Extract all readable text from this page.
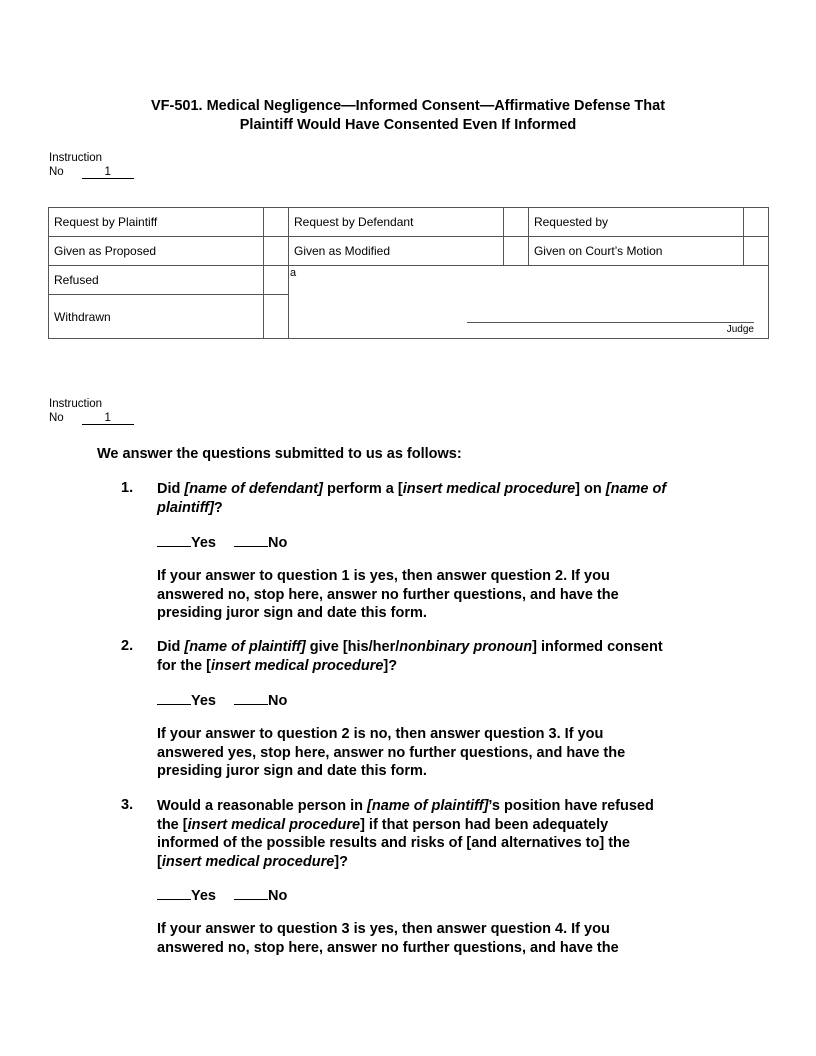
VF-501. Medical Negligence—Informed Consent—Affirmative Defense That
Plaintiff Would Have Consented Even If Informed
Instruction
No	1
Request by Plaintiff		Request by Defendant		Requested by	
Given as Proposed		Given as Modified		Given on Court’s Motion	
Refused		a
Judge			

Withdrawn					
Instruction
No	1
We answer the questions submitted to us as follows:
1. Did [name of defendant] perform a [insert medical procedure] on [name of
plaintiff]?
Yes	No
If your answer to question 1 is yes, then answer question 2. If you
answered no, stop here, answer no further questions, and have the
presiding juror sign and date this form.
2. Did [name of plaintiff] give [his/her/nonbinary pronoun] informed consent
for the [insert medical procedure]?
Yes	No
If your answer to question 2 is no, then answer question 3. If you
answered yes, stop here, answer no further questions, and have the
presiding juror sign and date this form.
3. Would a reasonable person in [name of plaintiff]’s position have refused
the [insert medical procedure] if that person had been adequately
informed of the possible results and risks of [and alternatives to] the
[insert medical procedure]?
Yes	No
If your answer to question 3 is yes, then answer question 4. If you
answered no, stop here, answer no further questions, and have the
